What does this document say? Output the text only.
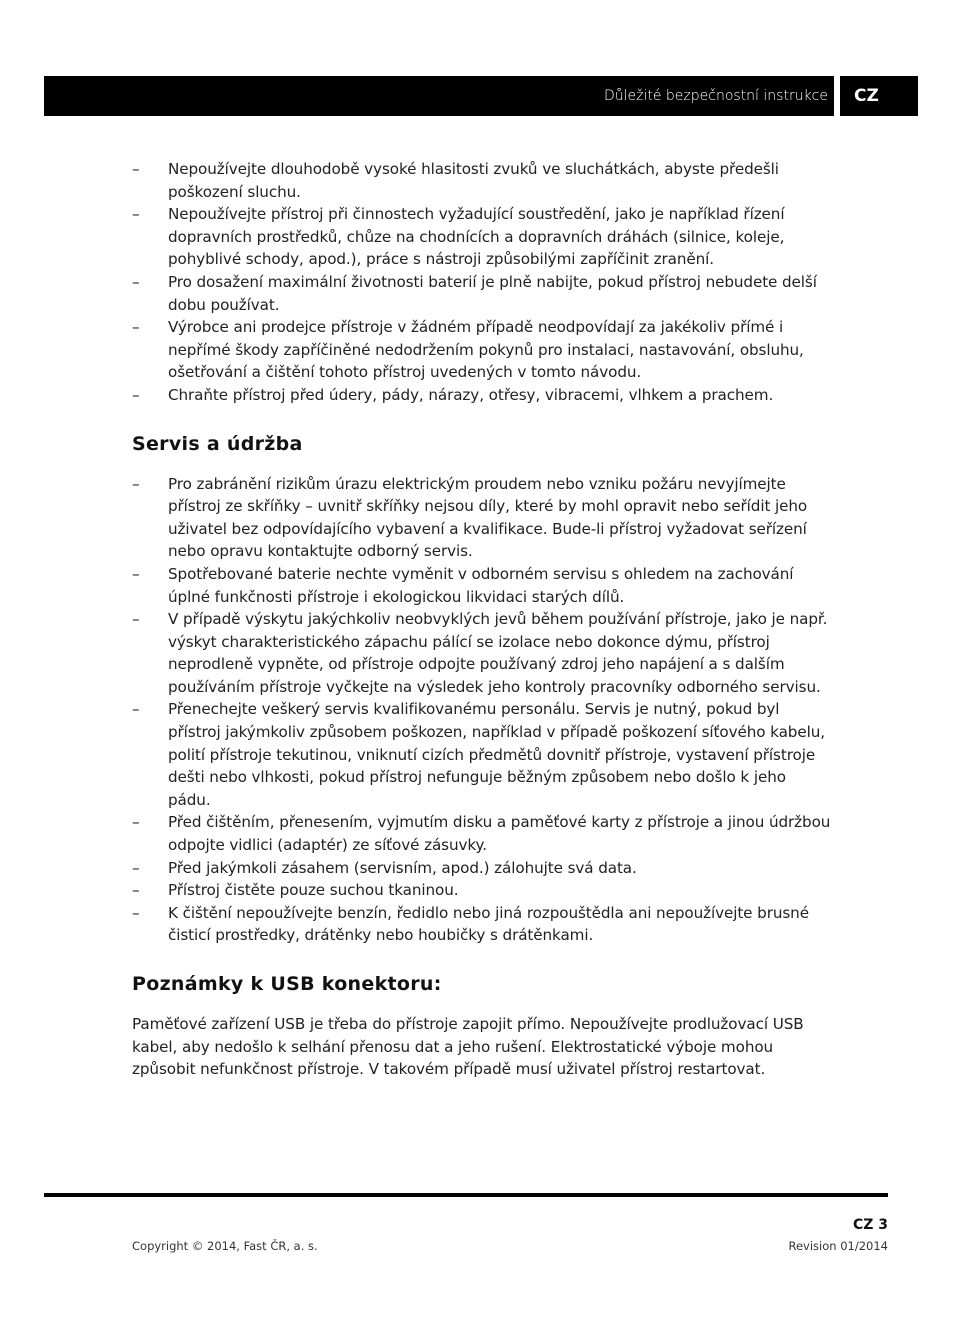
Důležité bezpečnostní instrukce CZ
– Nepoužívejte dlouhodobě vysoké hlasitosti zvuků ve sluchátkách, abyste předešli poškození sluchu.
– Nepoužívejte přístroj při činnostech vyžadující soustředění, jako je například řízení dopravních prostředků, chůze na chodnících a dopravních dráhách (silnice, koleje, pohyblivé schody, apod.), práce s nástroji způsobilými zapříčinit zranění.
– Pro dosažení maximální životnosti baterií je plně nabijte, pokud přístroj nebudete delší dobu používat.
– Výrobce ani prodejce přístroje v žádném případě neodpovídají za jakékoliv přímé i nepřímé škody zapříčiněné nedodržením pokynů pro instalaci, nastavování, obsluhu, ošetřování a čištění tohoto přístroj uvedených v tomto návodu.
– Chraňte přístroj před údery, pády, nárazy, otřesy, vibracemi, vlhkem a prachem.
Servis a údržba
– Pro zabránění rizikům úrazu elektrickým proudem nebo vzniku požáru nevyjímejte přístroj ze skříňky – uvnitř skříňky nejsou díly, které by mohl opravit nebo seřídit jeho uživatel bez odpovídajícího vybavení a kvalifikace. Bude-li přístroj vyžadovat seřízení nebo opravu kontaktujte odborný servis.
– Spotřebované baterie nechte vyměnit v odborném servisu s ohledem na zachování úplné funkčnosti přístroje i ekologickou likvidaci starých dílů.
– V případě výskytu jakýchkoliv neobvyklých jevů během používání přístroje, jako je např. výskyt charakteristického zápachu pálící se izolace nebo dokonce dýmu, přístroj neprodleně vypněte, od přístroje odpojte používaný zdroj jeho napájení a s dalším používáním přístroje vyčkejte na výsledek jeho kontroly pracovníky odborného servisu.
– Přenechejte veškerý servis kvalifikovanému personálu. Servis je nutný, pokud byl přístroj jakýmkoliv způsobem poškozen, například v případě poškození síťového kabelu, polití přístroje tekutinou, vniknutí cizích předmětů dovnitř přístroje, vystavení přístroje dešti nebo vlhkosti, pokud přístroj nefunguje běžným způsobem nebo došlo k jeho pádu.
– Před čištěním, přenesením, vyjmutím disku a paměťové karty z přístroje a jinou údržbou odpojte vidlici (adaptér) ze síťové zásuvky.
– Před jakýmkoli zásahem (servisním, apod.) zálohujte svá data.
– Přístroj čistěte pouze suchou tkaninou.
– K čištění nepoužívejte benzín, ředidlo nebo jiná rozpouštědla ani nepoužívejte brusné čisticí prostředky, drátěnky nebo houbičky s drátěnkami.
Poznámky k USB konektoru:

Paměťové zařízení USB je třeba do přístroje zapojit přímo. Nepoužívejte prodlužovací USB kabel, aby nedošlo k selhání přenosu dat a jeho rušení. Elektrostatické výboje mohou způsobit nefunkčnost přístroje. V takovém případě musí uživatel přístroj restartovat.

CZ 3
Copyright © 2014, Fast ČR, a. s.	Revision 01/2014
